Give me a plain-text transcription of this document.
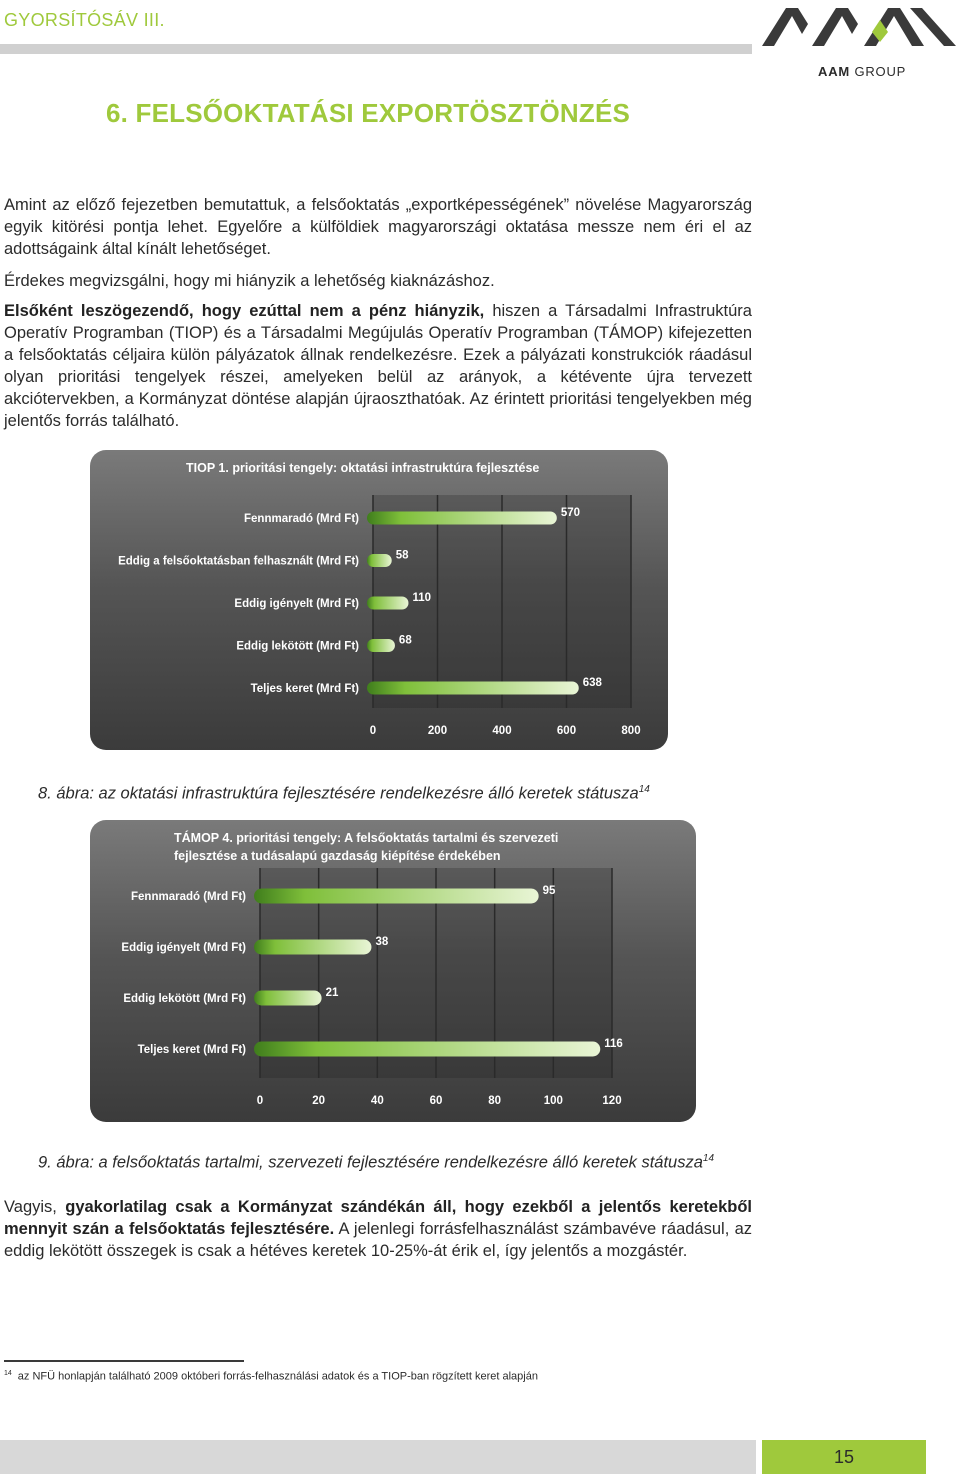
GYORSÍTÓSÁV III.
AAM GROUP
6. FELSŐOKTATÁSI EXPORTÖSZTÖNZÉS
Amint az előző fejezetben bemutattuk, a felsőoktatás „exportképességének” növelése Magyarország egyik kitörési pontja lehet. Egyelőre a külföldiek magyarországi oktatása messze nem éri el az adottságaink által kínált lehetőséget.
Érdekes megvizsgálni, hogy mi hiányzik a lehetőség kiaknázáshoz.
Elsőként leszögezendő, hogy ezúttal nem a pénz hiányzik, hiszen a Társadalmi Infrastruktúra Operatív Programban (TIOP) és a Társadalmi Megújulás Operatív Programban (TÁMOP) kifejezetten a felsőoktatás céljaira külön pályázatok állnak rendelkezésre. Ezek a pályázati konstrukciók ráadásul olyan prioritási tengelyek részei, amelyeken belül az arányok, a kétévente újra tervezett akciótervekben, a Kormányzat döntése alapján újraoszthatóak. Az érintett prioritási tengelyekben még jelentős forrás található.
TIOP 1. prioritási tengely: oktatási infrastruktúra fejlesztése
0	200	400	600	800
Fennmaradó (Mrd Ft)	570
Eddig a felsőoktatásban felhasznált (Mrd Ft)	58
Eddig igényelt (Mrd Ft)	110
Eddig lekötött (Mrd Ft)	68
Teljes keret (Mrd Ft)	638
8. ábra: az oktatási infrastruktúra fejlesztésére rendelkezésre álló keretek státusza$^{14}$
TÁMOP 4. prioritási tengely: A felsőoktatás tartalmi és szervezeti
fejlesztése a tudásalapú gazdaság kiépítése érdekében
0	20	40	60	80	100	120
Fennmaradó (Mrd Ft)	95
Eddig igényelt (Mrd Ft)	38
Eddig lekötött (Mrd Ft)	21
Teljes keret (Mrd Ft)	116
9. ábra: a felsőoktatás tartalmi, szervezeti fejlesztésére rendelkezésre álló keretek státusza$^{14}$
Vagyis, gyakorlatilag csak a Kormányzat szándékán áll, hogy ezekből a jelentős keretekből mennyit szán a felsőoktatás fejlesztésére. A jelenlegi forrásfelhasználást számbavéve ráadásul, az eddig lekötött összegek is csak a hétéves keretek 10-25%-át érik el, így jelentős a mozgástér.
$^{14}$ az NFÜ honlapján található 2009 októberi forrás-felhasználási adatok és a TIOP-ban rögzített keret alapján
15
